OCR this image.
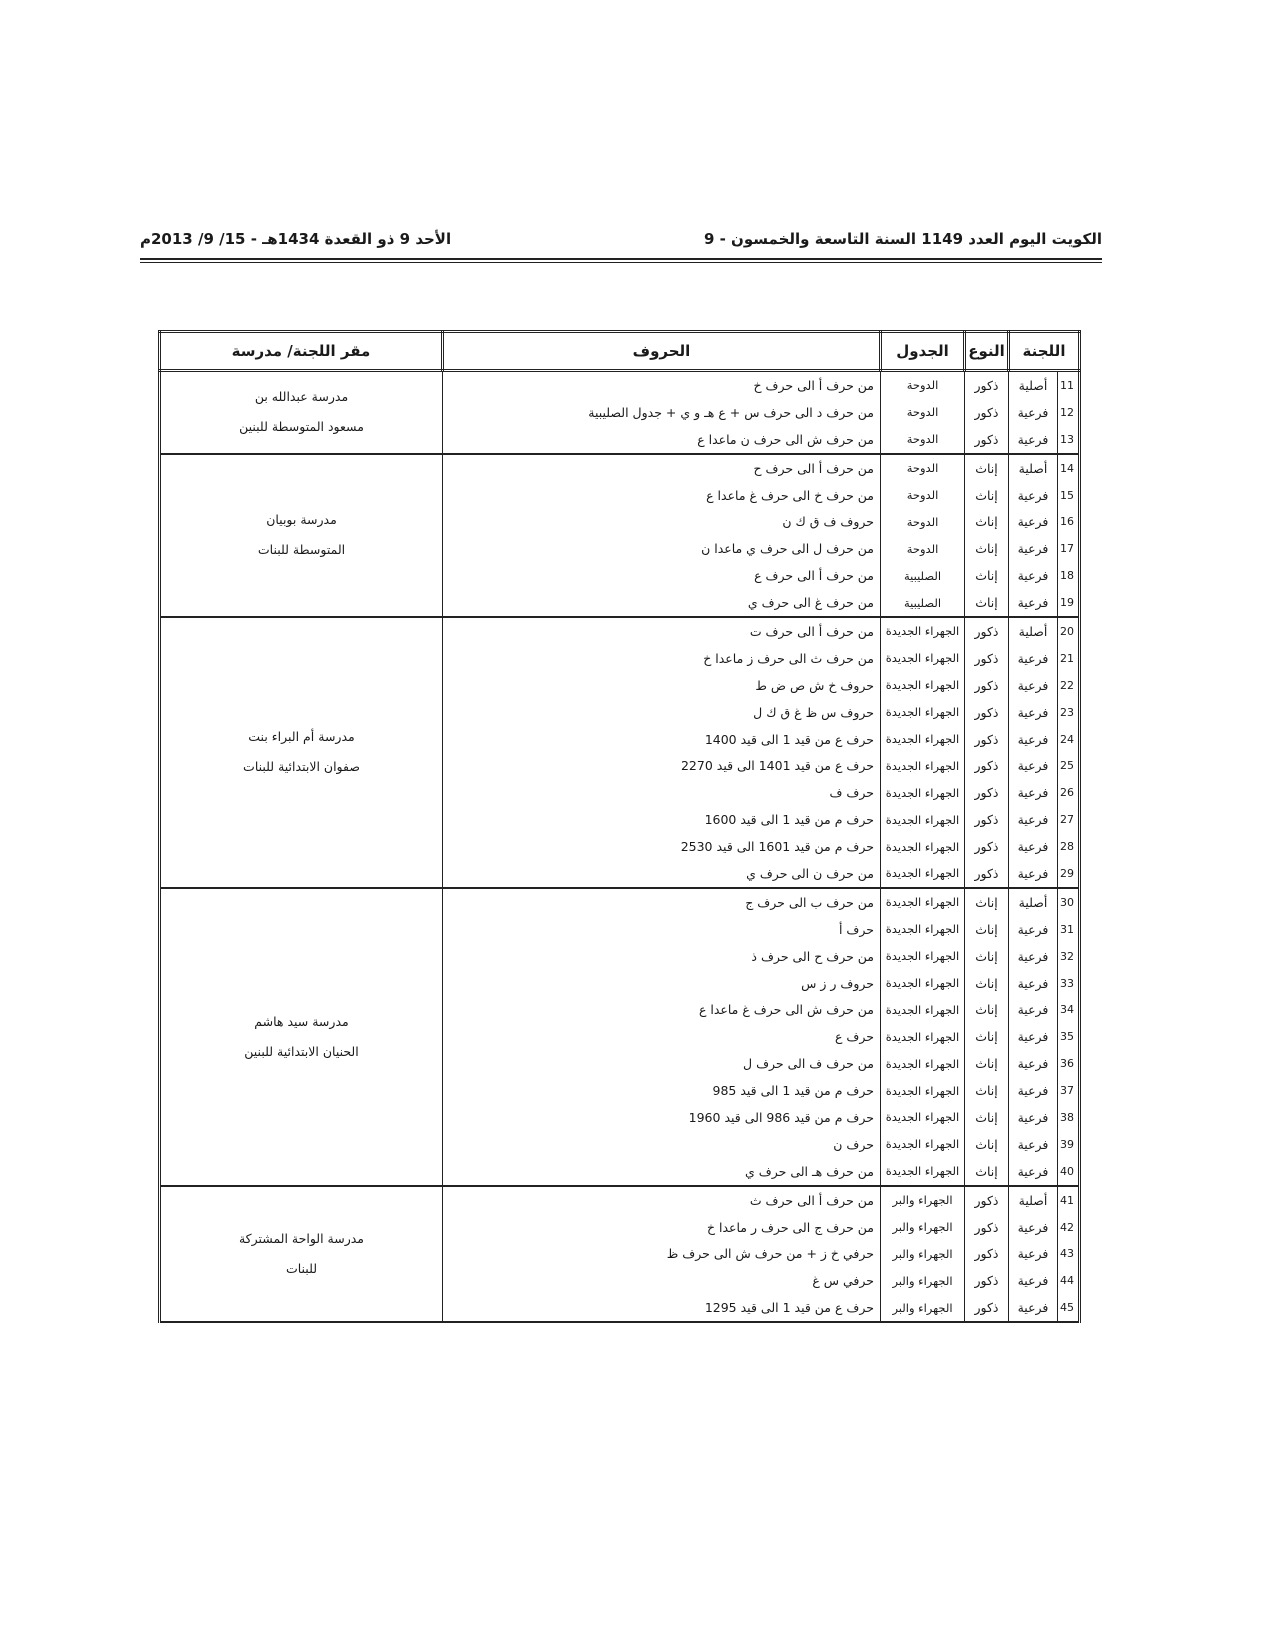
الكويت اليوم العدد 1149 السنة التاسعة والخمسون - 9
الأحد 9 ذو القعدة 1434هـ - 15/ 9/ 2013م
اللجنة		النوع	الجدول	الحروف	مقر اللجنة/ مدرسة
11	أصلية	ذكور	الدوحة	من حرف أ الى حرف خ	مدرسة عبدالله بن
مسعود المتوسطة للبنين

12	فرعية	ذكور	الدوحة	من حرف د الى حرف س + ع هـ و ي + جدول الصليبية	
13	فرعية	ذكور	الدوحة	من حرف ش الى حرف ن ماعدا ع	
14	أصلية	إناث	الدوحة	من حرف أ الى حرف ح	مدرسة بوبيان
المتوسطة للبنات

15	فرعية	إناث	الدوحة	من حرف خ الى حرف غ ماعدا ع	
16	فرعية	إناث	الدوحة	حروف ف ق ك ن	
17	فرعية	إناث	الدوحة	من حرف ل الى حرف ي ماعدا ن	
18	فرعية	إناث	الصليبية	من حرف أ الى حرف ع	
19	فرعية	إناث	الصليبية	من حرف غ الى حرف ي	
20	أصلية	ذكور	الجهراء الجديدة	من حرف أ الى حرف ت	مدرسة أم البراء بنت
صفوان الابتدائية للبنات

21	فرعية	ذكور	الجهراء الجديدة	من حرف ث الى حرف ز ماعدا خ	
22	فرعية	ذكور	الجهراء الجديدة	حروف خ ش ص ض ط	
23	فرعية	ذكور	الجهراء الجديدة	حروف س ظ غ ق ك ل	
24	فرعية	ذكور	الجهراء الجديدة	حرف ع من قيد 1 الى قيد 1400	
25	فرعية	ذكور	الجهراء الجديدة	حرف ع من قيد 1401 الى قيد 2270	
26	فرعية	ذكور	الجهراء الجديدة	حرف ف	
27	فرعية	ذكور	الجهراء الجديدة	حرف م من قيد 1 الى قيد 1600	
28	فرعية	ذكور	الجهراء الجديدة	حرف م من قيد 1601 الى قيد 2530	
29	فرعية	ذكور	الجهراء الجديدة	من حرف ن الى حرف ي	
30	أصلية	إناث	الجهراء الجديدة	من حرف ب الى حرف ج	مدرسة سيد هاشم
الحنيان الابتدائية للبنين

31	فرعية	إناث	الجهراء الجديدة	حرف أ	
32	فرعية	إناث	الجهراء الجديدة	من حرف ح الى حرف ذ	
33	فرعية	إناث	الجهراء الجديدة	حروف ر ز س	
34	فرعية	إناث	الجهراء الجديدة	من حرف ش الى حرف غ ماعدا ع	
35	فرعية	إناث	الجهراء الجديدة	حرف ع	
36	فرعية	إناث	الجهراء الجديدة	من حرف ف الى حرف ل	
37	فرعية	إناث	الجهراء الجديدة	حرف م من قيد 1 الى قيد 985	
38	فرعية	إناث	الجهراء الجديدة	حرف م من قيد 986 الى قيد 1960	
39	فرعية	إناث	الجهراء الجديدة	حرف ن	
40	فرعية	إناث	الجهراء الجديدة	من حرف هـ الى حرف ي	
41	أصلية	ذكور	الجهراء والبر	من حرف أ الى حرف ث	مدرسة الواحة المشتركة
للبنات

42	فرعية	ذكور	الجهراء والبر	من حرف ج الى حرف ر ماعدا خ	
43	فرعية	ذكور	الجهراء والبر	حرفي خ ز + من حرف ش الى حرف ظ	
44	فرعية	ذكور	الجهراء والبر	حرفي س غ	
45	فرعية	ذكور	الجهراء والبر	حرف ع من قيد 1 الى قيد 1295	
